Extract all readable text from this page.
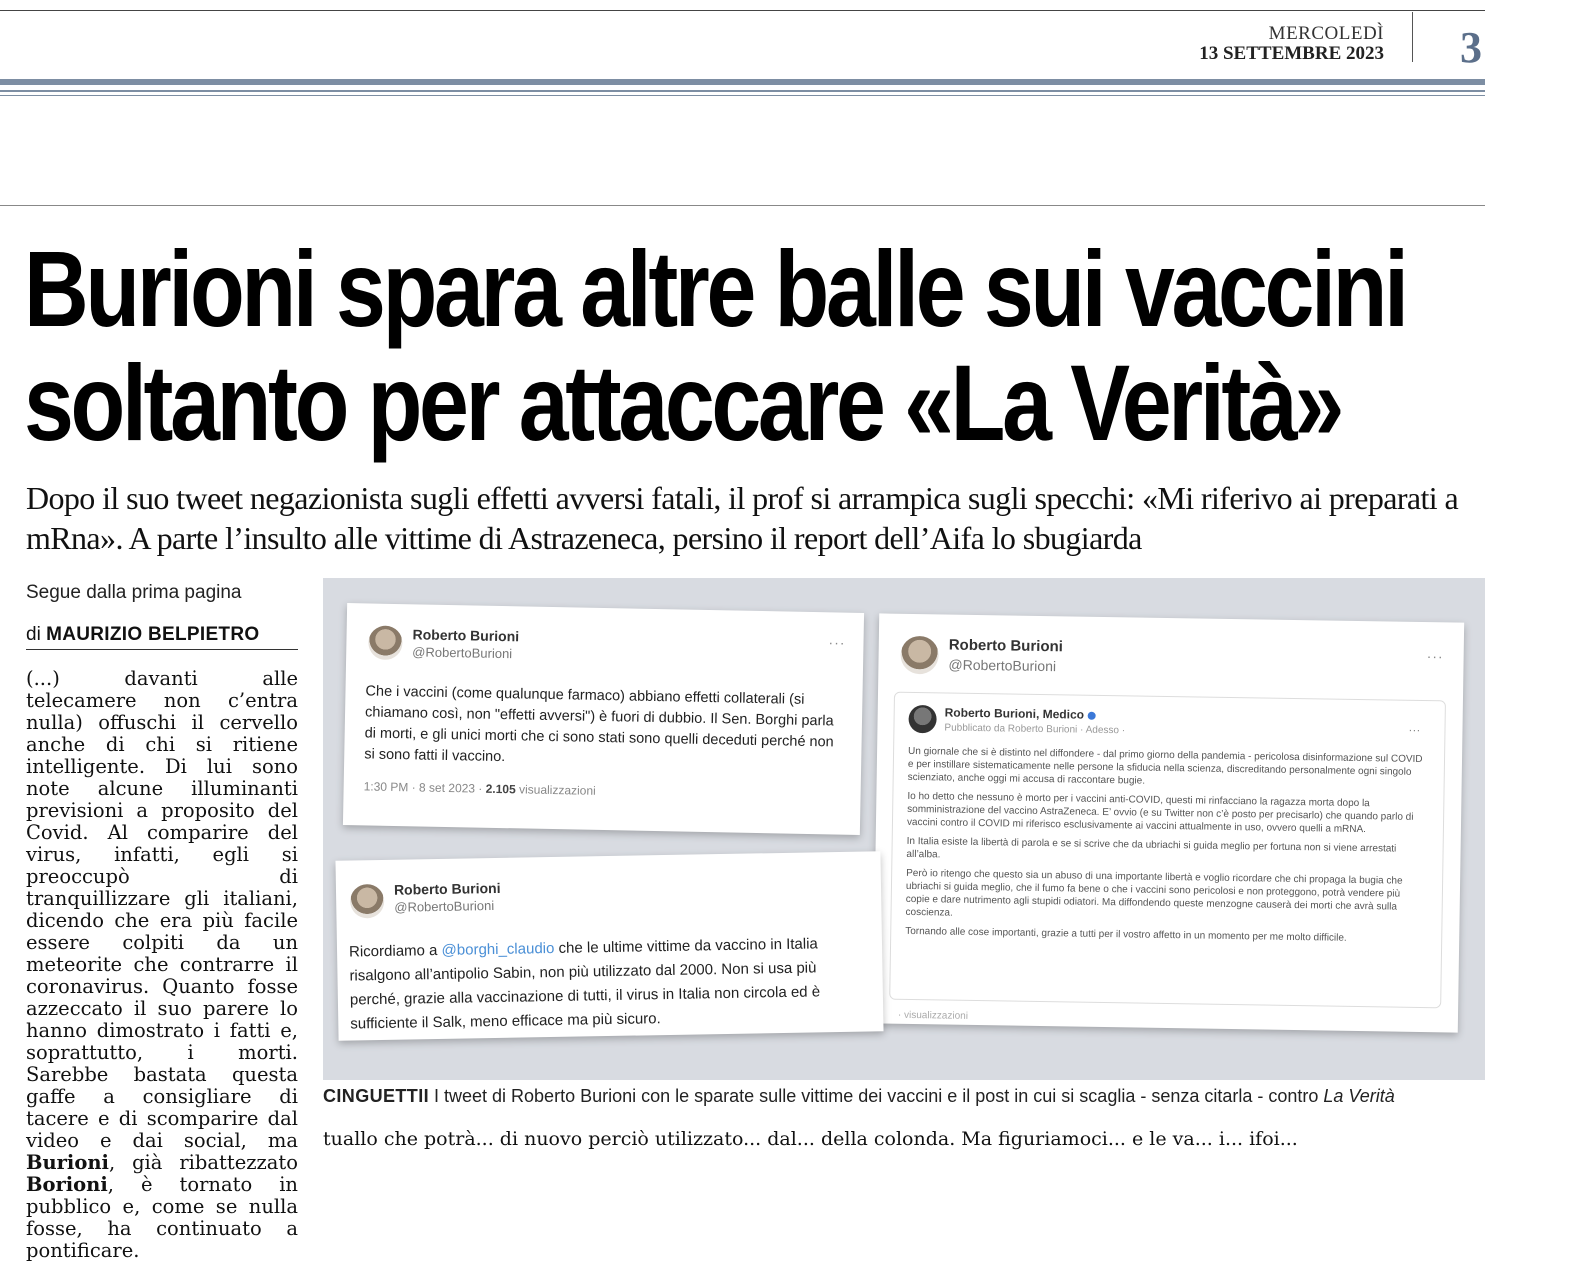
MERCOLEDÌ
13 SETTEMBRE 2023 3
Burioni spara altre balle sui vaccini
soltanto per attaccare «La Verità»

Dopo il suo tweet negazionista sugli effetti avversi fatali, il prof si arrampica sugli specchi: «Mi riferivo ai preparati a mRna». A parte l’insulto alle vittime di Astrazeneca, persino il report dell’Aifa lo sbugiarda

Segue dalla prima pagina
di MAURIZIO BELPIETRO
(...) davanti alle telecamere non c’entra nulla) offuschi il cervello anche di chi si ritiene intelligente. Di lui sono note alcune illuminanti previsioni a proposito del Covid. Al comparire del virus, infatti, egli si preoccupò di tranquillizzare gli italiani, dicendo che era più facile essere colpiti da un meteorite che contrarre il coronavirus. Quanto fosse azzeccato il suo parere lo hanno dimostrato i fatti e, soprattutto, i morti. Sarebbe bastata questa gaffe a consigliare di tacere e di scomparire dal video e dai social, ma Burioni, già ribattezzato Borioni, è tornato in pubblico e, come se nulla fosse, ha continuato a pontificare.
Roberto Burioni
@RobertoBurioni
···
Che i vaccini (come qualunque farmaco) abbiano effetti collaterali (si chiamano così, non "effetti avversi") è fuori di dubbio. Il Sen. Borghi parla di morti, e gli unici morti che ci sono stati sono quelli deceduti perché non si sono fatti il vaccino.
1:30 PM · 8 set 2023 · 2.105 visualizzazioni
Roberto Burioni
@RobertoBurioni
···
Roberto Burioni, Medico
Pubblicato da Roberto Burioni · Adesso ·	···

Un giornale che si è distinto nel diffondere - dal primo giorno della pandemia - pericolosa disinformazione sul COVID e per instillare sistematicamente nelle persone la sfiducia nella scienza, discreditando personalmente ogni singolo scienziato, anche oggi mi accusa di raccontare bugie.

Io ho detto che nessuno è morto per i vaccini anti-COVID, questi mi rinfacciano la ragazza morta dopo la somministrazione del vaccino AstraZeneca. E’ ovvio (e su Twitter non c’è posto per precisarlo) che quando parlo di vaccini contro il COVID mi riferisco esclusivamente ai vaccini attualmente in uso, ovvero quelli a mRNA.

In Italia esiste la libertà di parola e se si scrive che da ubriachi si guida meglio per fortuna non si viene arrestati all’alba.

Però io ritengo che questo sia un abuso di una importante libertà e voglio ricordare che chi propaga la bugia che ubriachi si guida meglio, che il fumo fa bene o che i vaccini sono pericolosi e non proteggono, potrà vendere più copie e dare nutrimento agli stupidi odiatori. Ma diffondendo queste menzogne causerà dei morti che avrà sulla coscienza.

Tornando alle cose importanti, grazie a tutti per il vostro affetto in un momento per me molto difficile.

· visualizzazioni
Roberto Burioni
@RobertoBurioni
Ricordiamo a @borghi_claudio che le ultime vittime da vaccino in Italia risalgono all’antipolio Sabin, non più utilizzato dal 2000. Non si usa più perché, grazie alla vaccinazione di tutti, il virus in Italia non circola ed è sufficiente il Salk, meno efficace ma più sicuro.
CINGUETTII I tweet di Roberto Burioni con le sparate sulle vittime dei vaccini e il post in cui si scaglia - senza citarla - contro La Verità
tuallo che potrà... di nuovo perciò utilizzato... dal... della colonda. Ma figuriamoci... e le va... i... ifoi...
